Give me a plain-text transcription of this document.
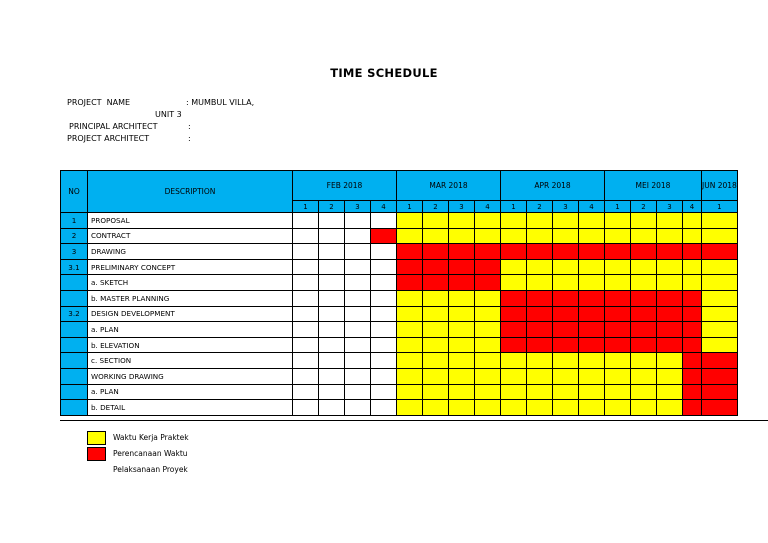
TIME SCHEDULE
PROJECT  NAME	: MUMBUL VILLA,
UNIT 3
PRINCIPAL ARCHITECT	:
PROJECT ARCHITECT	:
NO	DESCRIPTION	FEB 2018				MAR 2018				APR 2018				MEI 2018				JUN 2018
		1	2	3	4	1	2	3	4	1	2	3	4	1	2	3	4	1
1	PROPOSAL																	
2	CONTRACT																	
3	DRAWING																	
3.1	PRELIMINARY CONCEPT																	
	a. SKETCH																	
	b. MASTER PLANNING																	
3.2	DESIGN DEVELOPMENT																	
	a. PLAN																	
	b. ELEVATION																	
	c. SECTION																	
	WORKING DRAWING																	
	a. PLAN																	
	b. DETAIL																	
Waktu Kerja Praktek
Perencanaan Waktu
Pelaksanaan Proyek
